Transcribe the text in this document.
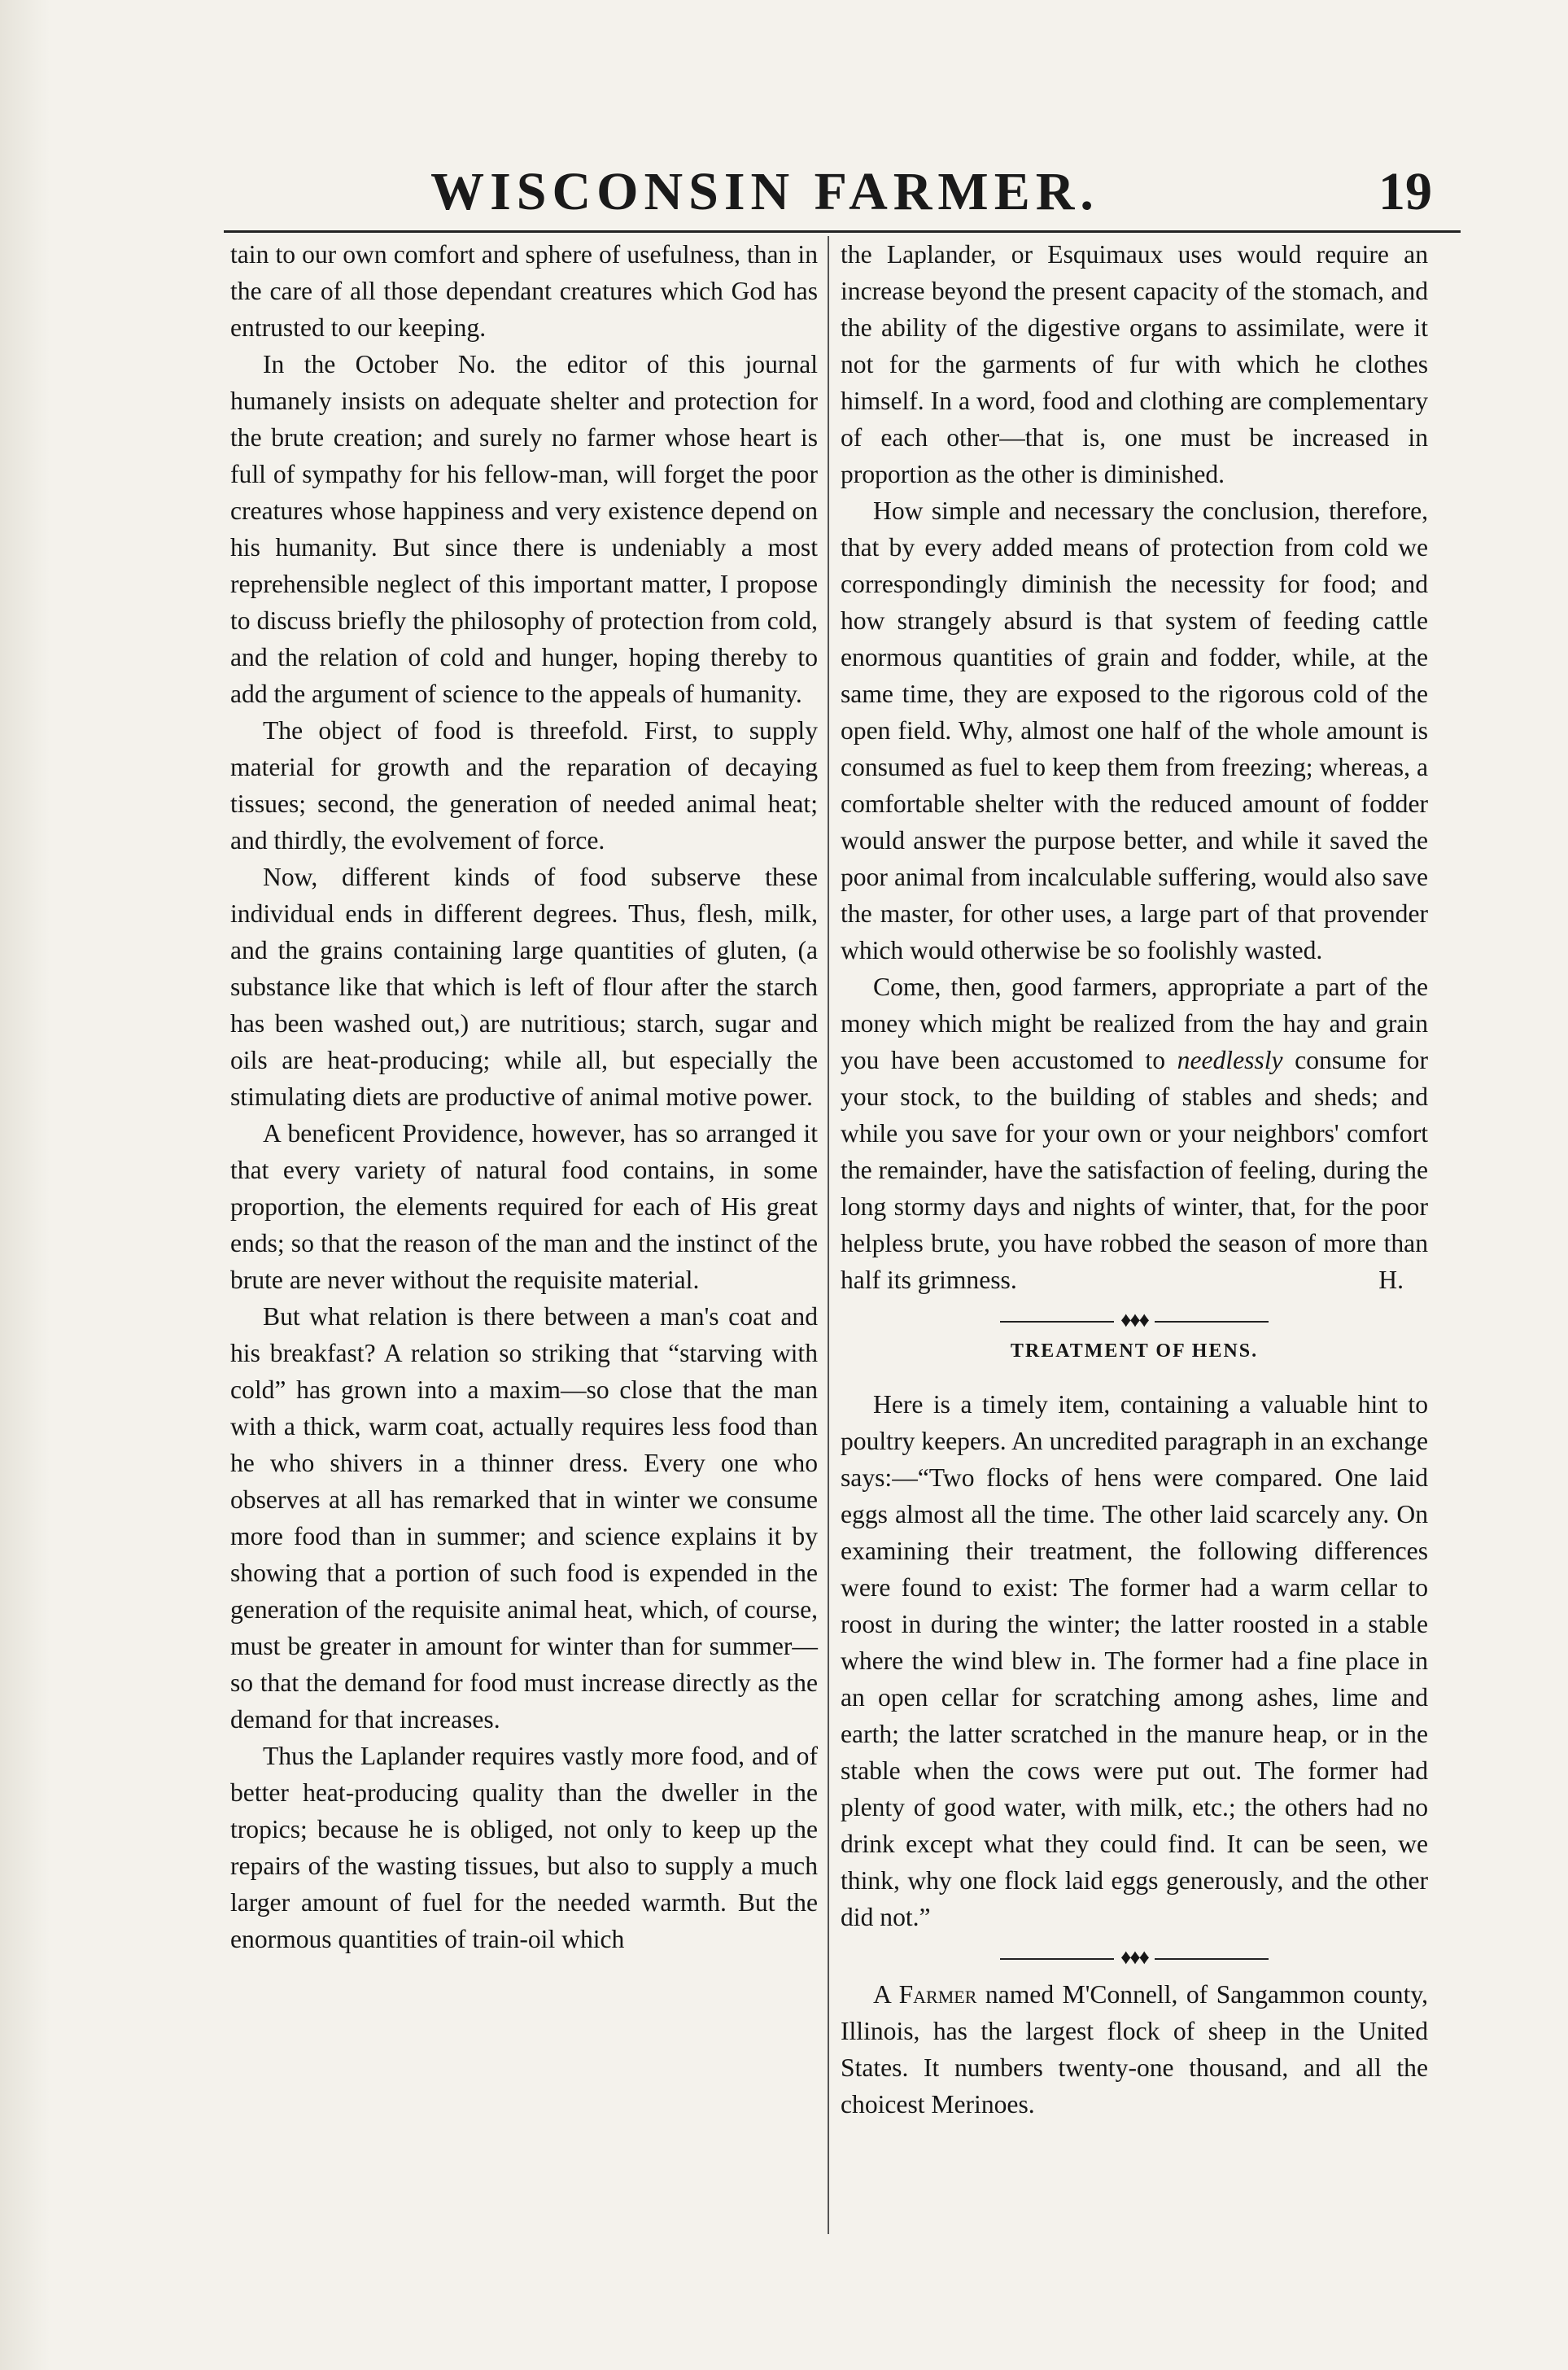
WISCONSIN FARMER.	19

tain to our own comfort and sphere of usefulness, than in the care of all those dependant creatures which God has entrusted to our keeping.

In the October No. the editor of this journal humanely insists on adequate shelter and protection for the brute creation; and surely no farmer whose heart is full of sympathy for his fellow-man, will forget the poor creatures whose happiness and very existence depend on his humanity. But since there is undeniably a most reprehensible neglect of this important matter, I propose to discuss briefly the philosophy of protection from cold, and the relation of cold and hunger, hoping thereby to add the argument of science to the appeals of humanity.

The object of food is threefold. First, to supply material for growth and the reparation of decaying tissues; second, the generation of needed animal heat; and thirdly, the evolvement of force.

Now, different kinds of food subserve these individual ends in different degrees. Thus, flesh, milk, and the grains containing large quantities of gluten, (a substance like that which is left of flour after the starch has been washed out,) are nutritious; starch, sugar and oils are heat-producing; while all, but especially the stimulating diets are productive of animal motive power.

A beneficent Providence, however, has so arranged it that every variety of natural food contains, in some proportion, the elements required for each of His great ends; so that the reason of the man and the instinct of the brute are never without the requisite material.

But what relation is there between a man's coat and his breakfast? A relation so striking that “starving with cold” has grown into a maxim—so close that the man with a thick, warm coat, actually requires less food than he who shivers in a thinner dress. Every one who observes at all has remarked that in winter we consume more food than in summer; and science explains it by showing that a portion of such food is expended in the generation of the requisite animal heat, which, of course, must be greater in amount for winter than for summer—so that the demand for food must increase directly as the demand for that increases.

Thus the Laplander requires vastly more food, and of better heat-producing quality than the dweller in the tropics; because he is obliged, not only to keep up the repairs of the wasting tissues, but also to supply a much larger amount of fuel for the needed warmth. But the enormous quantities of train-oil which

the Laplander, or Esquimaux uses would require an increase beyond the present capacity of the stomach, and the ability of the digestive organs to assimilate, were it not for the garments of fur with which he clothes himself. In a word, food and clothing are complementary of each other—that is, one must be increased in proportion as the other is diminished.

How simple and necessary the conclusion, therefore, that by every added means of protection from cold we correspondingly diminish the necessity for food; and how strangely absurd is that system of feeding cattle enormous quantities of grain and fodder, while, at the same time, they are exposed to the rigorous cold of the open field. Why, almost one half of the whole amount is consumed as fuel to keep them from freezing; whereas, a comfortable shelter with the reduced amount of fodder would answer the purpose better, and while it saved the poor animal from incalculable suffering, would also save the master, for other uses, a large part of that provender which would otherwise be so foolishly wasted.

Come, then, good farmers, appropriate a part of the money which might be realized from the hay and grain you have been accustomed to needlessly consume for your stock, to the building of stables and sheds; and while you save for your own or your neighbors' comfort the remainder, have the satisfaction of feeling, during the long stormy days and nights of winter, that, for the poor helpless brute, you have robbed the season of more than half its grimness.	H.

♦♦♦
TREATMENT OF HENS.

Here is a timely item, containing a valuable hint to poultry keepers. An uncredited paragraph in an exchange says:—“Two flocks of hens were compared. One laid eggs almost all the time. The other laid scarcely any. On examining their treatment, the following differences were found to exist: The former had a warm cellar to roost in during the winter; the latter roosted in a stable where the wind blew in. The former had a fine place in an open cellar for scratching among ashes, lime and earth; the latter scratched in the manure heap, or in the stable when the cows were put out. The former had plenty of good water, with milk, etc.; the others had no drink except what they could find. It can be seen, we think, why one flock laid eggs generously, and the other did not.”

♦♦♦

A Farmer named M'Connell, of Sangammon county, Illinois, has the largest flock of sheep in the United States. It numbers twenty-one thousand, and all the choicest Merinoes.
